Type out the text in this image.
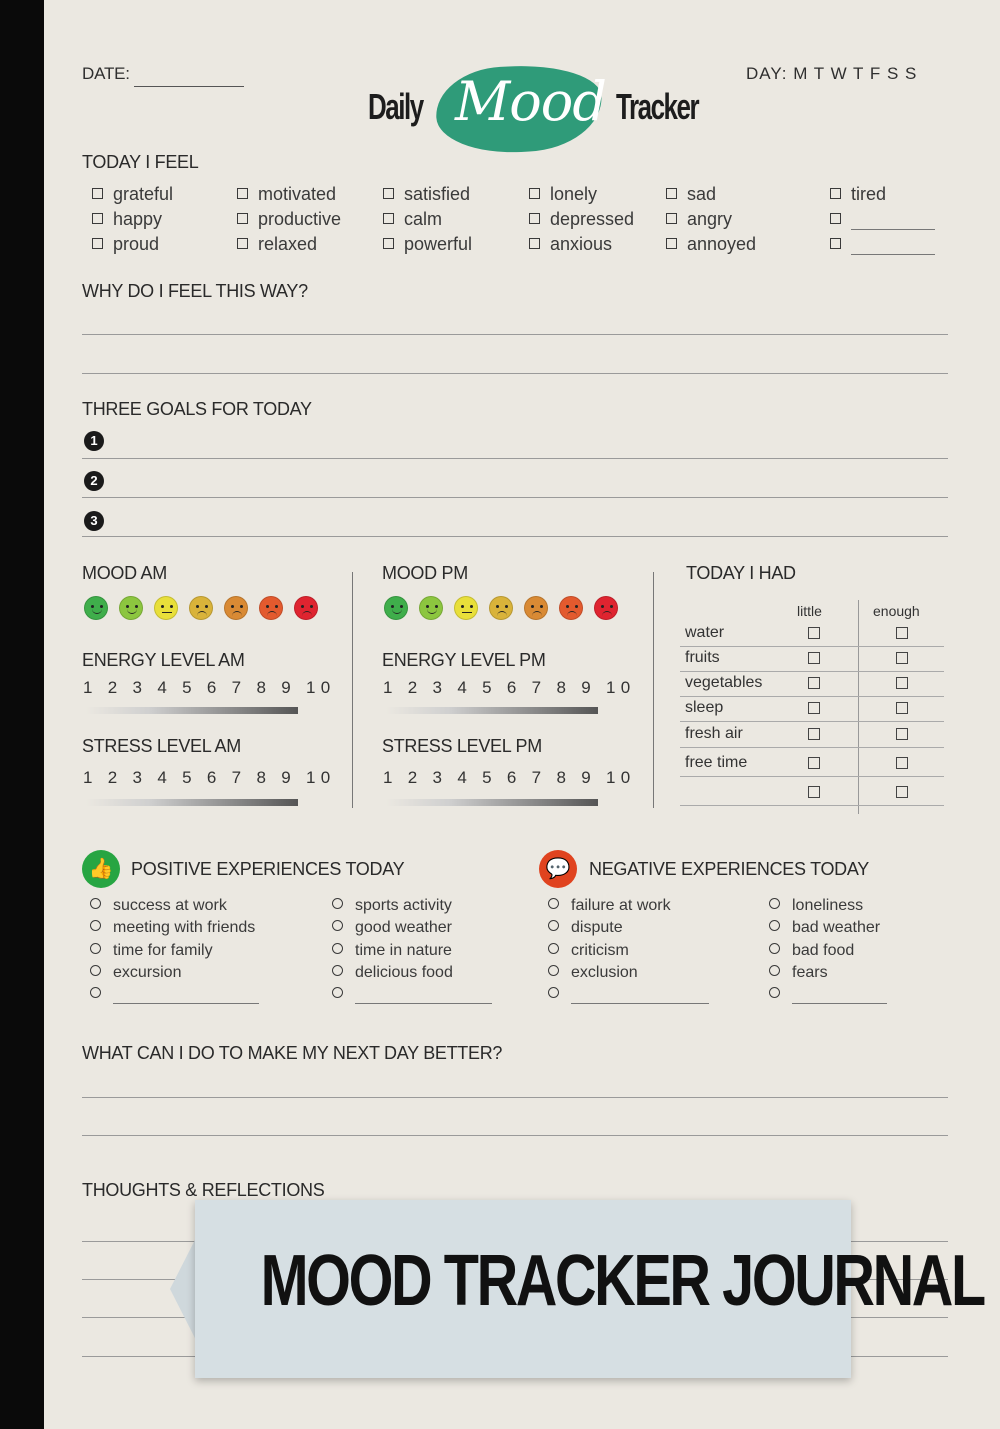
DATE:	DAY: M T W T F S S
Daily Mood Tracker
TODAY I FEEL
grateful
happy
proud
motivated
productive
relaxed
satisfied
calm
powerful
lonely
depressed
anxious
sad
angry
annoyed
tired
WHY DO I FEEL THIS WAY?
THREE GOALS FOR TODAY
1
2
3
MOOD AM
ENERGY LEVEL AM
1 2 3 4 5 6 7 8 9 10
STRESS LEVEL AM
1 2 3 4 5 6 7 8 9 10
MOOD PM
ENERGY LEVEL PM
1 2 3 4 5 6 7 8 9 10
STRESS LEVEL PM
1 2 3 4 5 6 7 8 9 10
TODAY I HAD
little	enough
water
fruits
vegetables
sleep
fresh air
free time
👍 POSITIVE EXPERIENCES TODAY
success at work
meeting with friends
time for family
excursion
sports activity
good weather
time in nature
delicious food
💬	NEGATIVE EXPERIENCES TODAY
failure at work
dispute
criticism
exclusion
loneliness
bad weather
bad food
fears
WHAT CAN I DO TO MAKE MY NEXT DAY BETTER?
THOUGHTS & REFLECTIONS
MOOD TRACKER JOURNAL
